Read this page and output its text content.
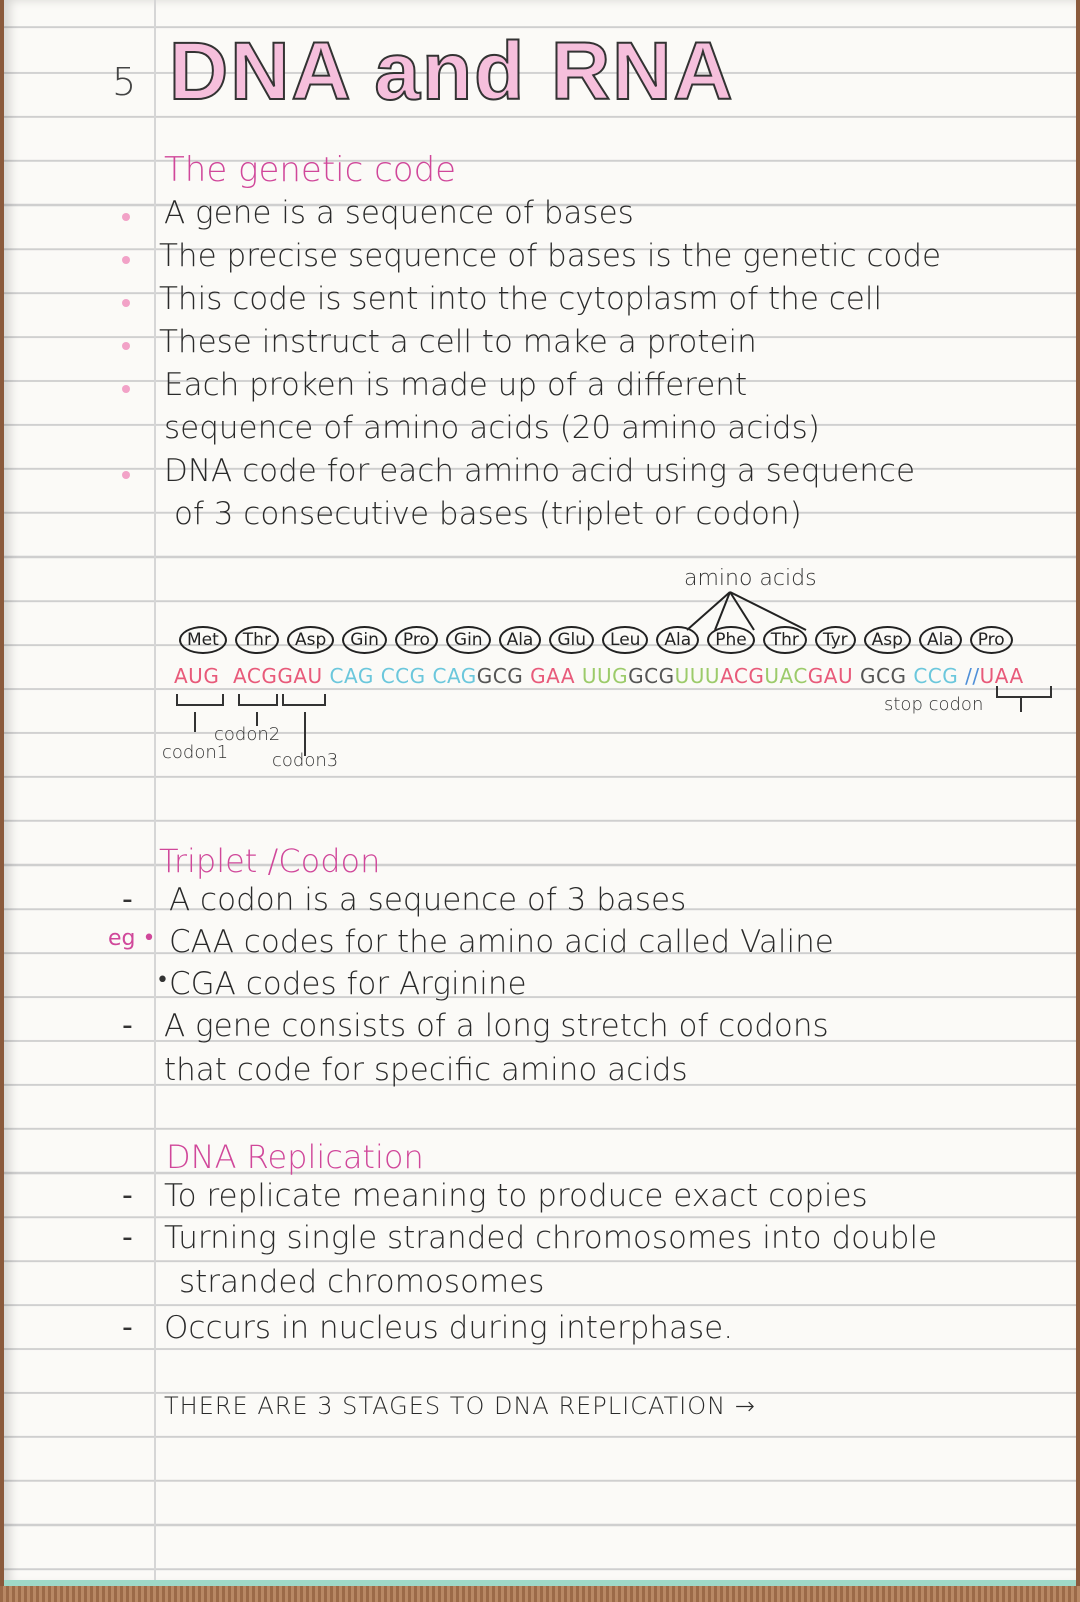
5 DNA and RNA
The genetic code
A gene is a sequence of bases
The precise sequence of bases is the genetic code
This code is sent into the cytoplasm of the cell
These instruct a cell to make a protein
Each proken is made up of a different
sequence of amino acids (20 amino acids)
DNA code for each amino acid using a sequence
of 3 consecutive bases (triplet or codon)
amino acids
Met	Thr	Asp	Gin	Pro	Gin	Ala	Glu	Leu	Ala	Phe	Thr	Tyr	Asp	Ala	Pro
AUG ACGGAU CAG CCG CAGGCG GAA UUGGCGUUUACGUACGAU GCG CCG //UAA
codon2
codon1 codon3
stop codon
Triplet /Codon
- A codon is a sequence of 3 bases
eg • CAA codes for the amino acid called Valine
• CGA codes for Arginine
- A gene consists of a long stretch of codons
that code for specific amino acids
DNA Replication
- To replicate meaning to produce exact copies
- Turning single stranded chromosomes into double
stranded chromosomes
- Occurs in nucleus during interphase.
THERE ARE 3 STAGES TO DNA REPLICATION →
